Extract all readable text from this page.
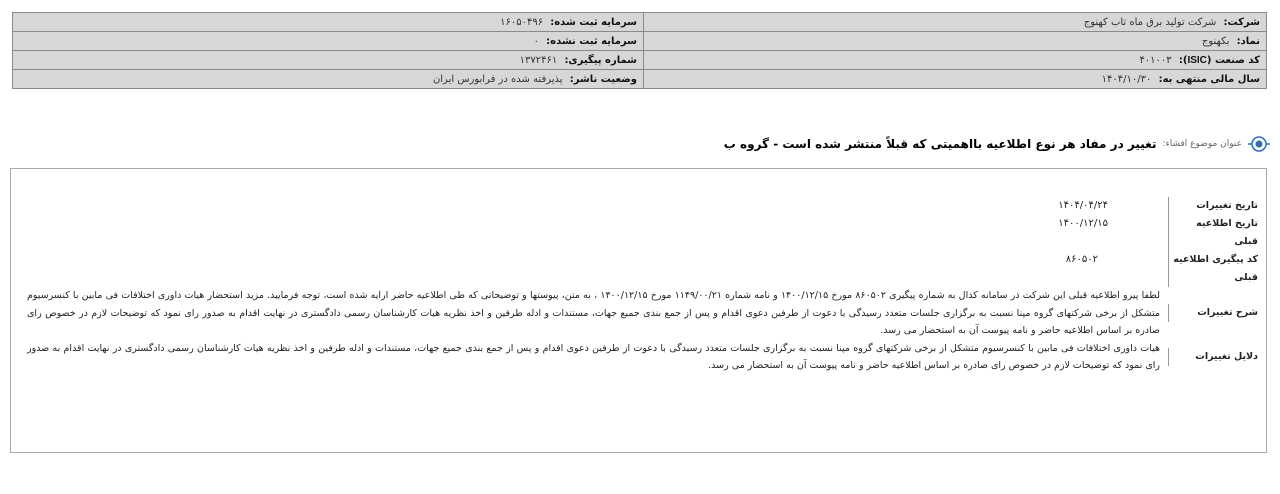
شرکت: شرکت تولید برق ماه تاب کهنوج	سرمایه ثبت شده: ۱۶۰۵۰۴۹۶
نماد: بکهنوج	سرمایه ثبت نشده: ۰
کد صنعت (ISIC): ۴۰۱۰۰۳	شماره پیگیری: ۱۳۷۲۴۶۱
سال مالی منتهی به: ۱۴۰۴/۱۰/۳۰	وضعیت ناشر: پذیرفته شده در فرابورس ایران
عنوان موضوع افشاء:
تغییر در مفاد هر نوع اطلاعیه بااهمیتی که قبلاً منتشر شده است - گروه ب
تاریخ تغییرات
۱۴۰۴/۰۴/۲۴
تاریخ اطلاعیه قبلی
۱۴۰۰/۱۲/۱۵
کد پیگیری اطلاعیه قبلی
۸۶۰۵۰۲
شرح تغییرات
لطفا پیرو اطلاعیه قبلی این شرکت در سامانه کدال به شماره پیگیری ۸۶۰۵۰۲ مورخ ۱۴۰۰/۱۲/۱۵ و نامه شماره ۱۱۴۹/۰۰/۲۱ مورخ ۱۴۰۰/۱۲/۱۵ ، به متن، پیوستها و توضیحاتی که طی اطلاعیه حاضر ارایه شده است، توجه فرمایید. مزید استحضار هیات داوری اختلافات فی مابین با کنسرسیوم متشکل از برخی شرکتهای گروه مپنا نسبت به برگزاری جلسات متعدد رسیدگی با دعوت از طرفین دعوی اقدام و پس از جمع بندی جمیع جهات، مستندات و ادله طرفین و اخذ نظریه هیات کارشناسان رسمی دادگستری در نهایت اقدام به صدور رای نمود که توضیحات لازم در خصوص رای صادره بر اساس اطلاعیه حاضر و نامه پیوست آن به استحضار می رسد.
دلایل تغییرات
هیات داوری اختلافات فی مابین با کنسرسیوم متشکل از برخی شرکتهای گروه مپنا نسبت به برگزاری جلسات متعدد رسیدگی با دعوت از طرفین دعوی اقدام و پس از جمع بندی جمیع جهات، مستندات و ادله طرفین و اخذ نظریه هیات کارشناسان رسمی دادگستری در نهایت اقدام به صدور رای نمود که توضیحات لازم در خصوص رای صادره بر اساس اطلاعیه حاضر و نامه پیوست آن به استحضار می رسد.
